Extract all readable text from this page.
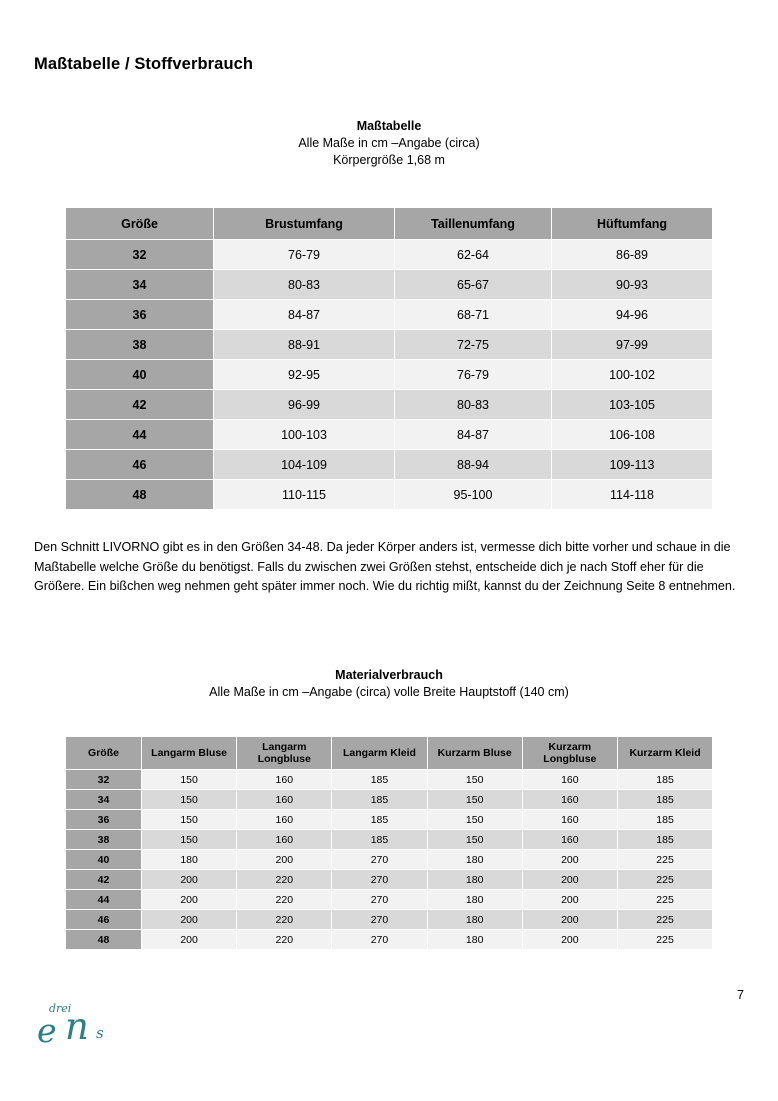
Maßtabelle / Stoffverbrauch
Maßtabelle
Alle Maße in cm –Angabe (circa)
Körpergröße 1,68 m
Größe	Brustumfang	Taillenumfang	Hüftumfang
32	76-79	62-64	86-89
34	80-83	65-67	90-93
36	84-87	68-71	94-96
38	88-91	72-75	97-99
40	92-95	76-79	100-102
42	96-99	80-83	103-105
44	100-103	84-87	106-108
46	104-109	88-94	109-113
48	110-115	95-100	114-118
Den Schnitt LIVORNO gibt es in den Größen 34-48. Da jeder Körper anders ist, vermesse dich bitte vorher und schaue in die Maßtabelle welche Größe du benötigst. Falls du zwischen zwei Größen stehst, entscheide dich je nach Stoff eher für die Größere. Ein bißchen weg nehmen geht später immer noch. Wie du richtig mißt, kannst du der Zeichnung Seite 8 entnehmen.
Materialverbrauch
Alle Maße in cm –Angabe (circa) volle Breite Hauptstoff (140 cm)
Größe	Langarm Bluse	Langarm Longbluse	Langarm Kleid	Kurzarm Bluse	Kurzarm Longbluse	Kurzarm Kleid
32	150	160	185	150	160	185
34	150	160	185	150	160	185
36	150	160	185	150	160	185
38	150	160	185	150	160	185
40	180	200	270	180	200	225
42	200	220	270	180	200	225
44	200	220	270	180	200	225
46	200	220	270	180	200	225
48	200	220	270	180	200	225
7
drei
e n s
